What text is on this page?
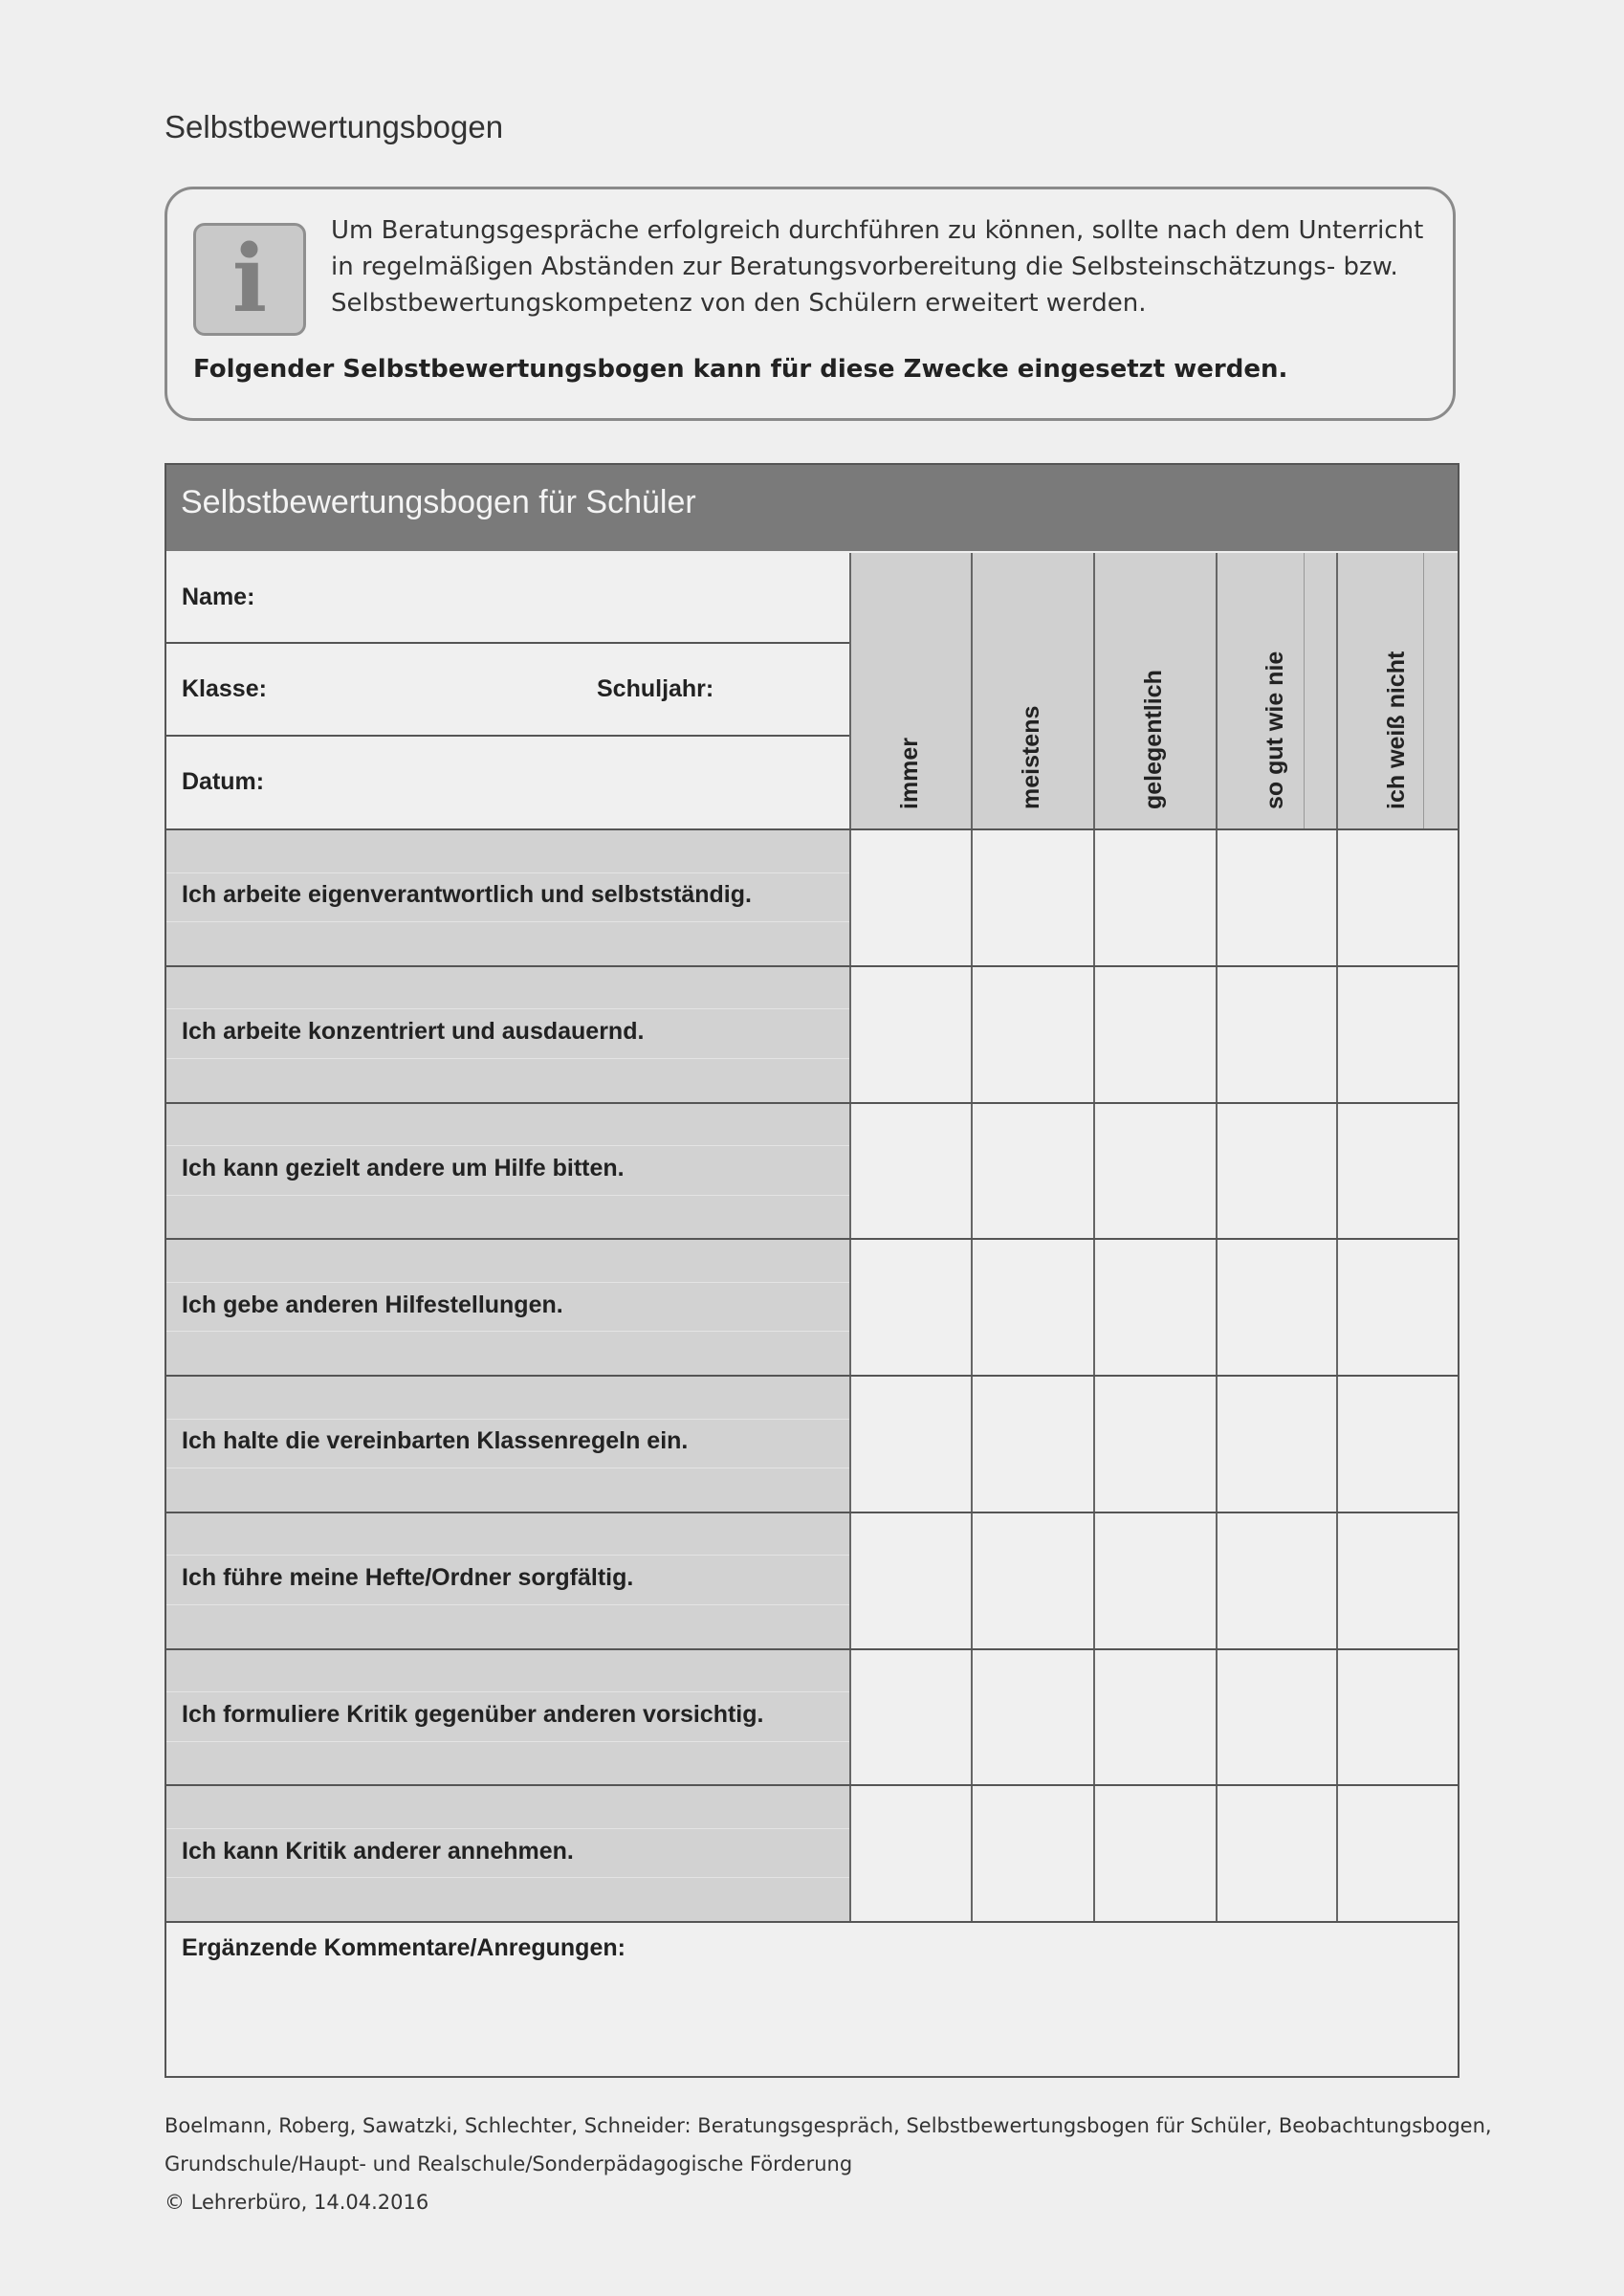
Selbstbewertungsbogen
i	Um Beratungsgespräche erfolgreich durchführen zu können, sollte nach dem Unterricht
in regelmäßigen Abständen zur Beratungsvorbereitung die Selbsteinschätzungs- bzw.
Selbstbewertungskompetenz von den Schülern erweitert werden.
Folgender Selbstbewertungsbogen kann für diese Zwecke eingesetzt werden.
Selbstbewertungsbogen für Schüler
Name:
Klasse:	Schuljahr:
Datum:	immer	meistens	gelegentlich	so gut wie nie	ich weiß nicht
Ich arbeite eigenverantwortlich und selbstständig.
Ich arbeite konzentriert und ausdauernd.
Ich kann gezielt andere um Hilfe bitten.
Ich gebe anderen Hilfestellungen.
Ich halte die vereinbarten Klassenregeln ein.
Ich führe meine Hefte/Ordner sorgfältig.
Ich formuliere Kritik gegenüber anderen vorsichtig.
Ich kann Kritik anderer annehmen.
Ergänzende Kommentare/Anregungen:
Boelmann, Roberg, Sawatzki, Schlechter, Schneider: Beratungsgespräch, Selbstbewertungsbogen für Schüler, Beobachtungsbogen,
Grundschule/Haupt- und Realschule/Sonderpädagogische Förderung
© Lehrerbüro, 14.04.2016
